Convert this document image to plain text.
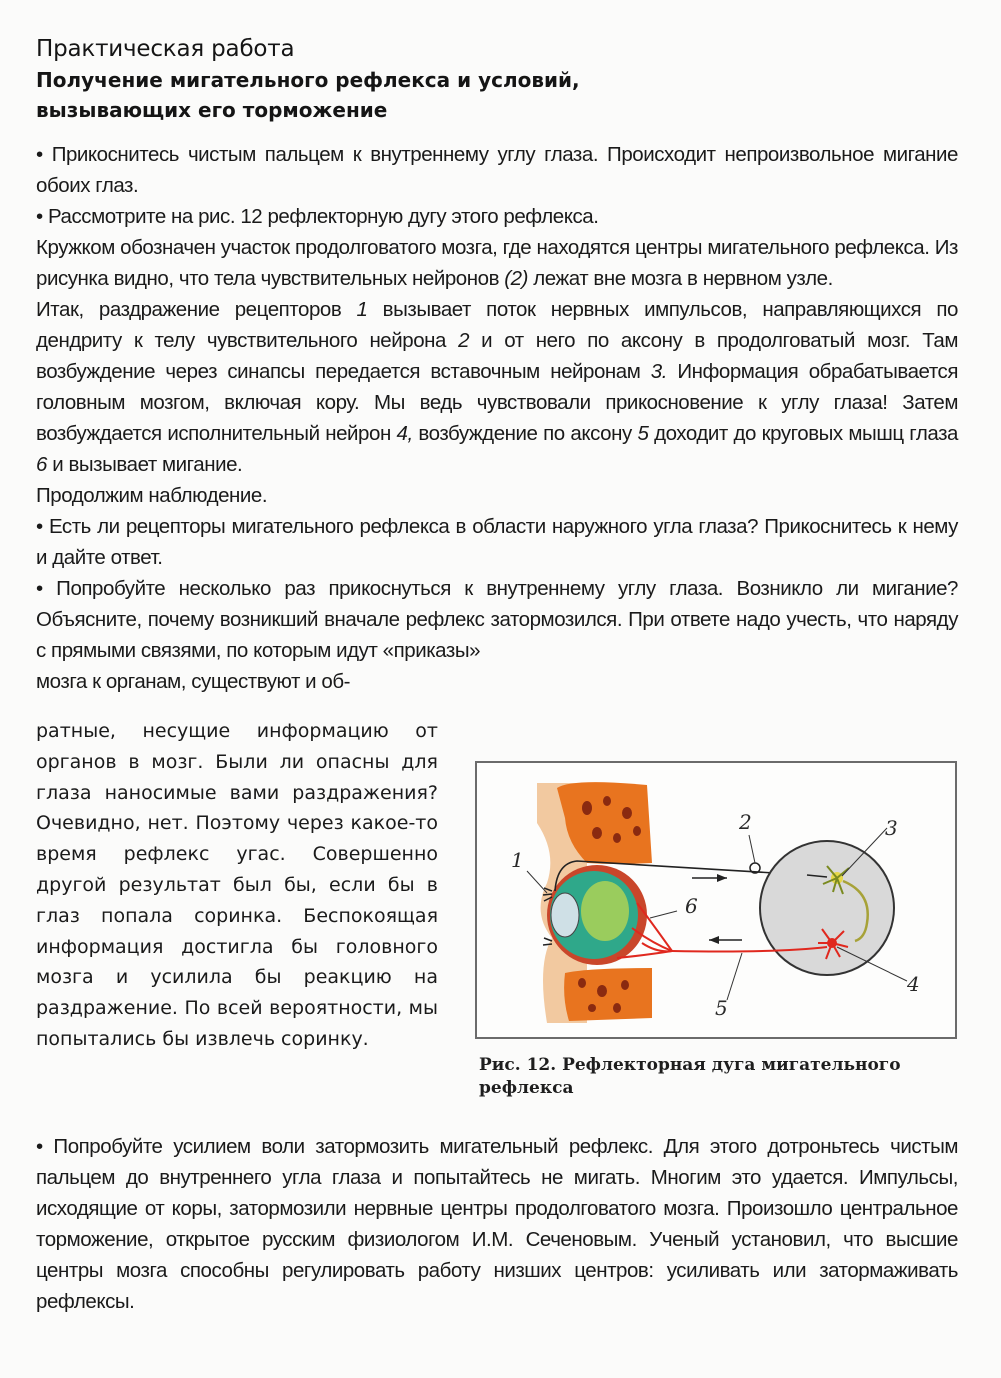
Практическая работа
Получение мигательного рефлекса и условий,
вызывающих его торможение

• Прикоснитесь чистым пальцем к внутреннему углу глаза. Происходит непроизвольное мигание обоих глаз.

• Рассмотрите на рис. 12 рефлекторную дугу этого рефлекса.

Кружком обозначен участок продолговатого мозга, где находятся центры мигательного рефлекса. Из рисунка видно, что тела чувствительных нейронов (2) лежат вне мозга в нервном узле.

Итак, раздражение рецепторов 1 вызывает поток нервных импульсов, направляющихся по дендриту к телу чувствительного нейрона 2 и от него по аксону в продолговатый мозг. Там возбуждение через синапсы передается вставочным нейронам 3. Информация обрабатывается головным мозгом, включая кору. Мы ведь чувствовали прикосновение к углу глаза! Затем возбуждается исполнительный нейрон 4, возбуждение по аксону 5 доходит до круговых мышц глаза 6 и вызывает мигание.

Продолжим наблюдение.

• Есть ли рецепторы мигательного рефлекса в области наружного угла глаза? Прикоснитесь к нему и дайте ответ.

• Попробуйте несколько раз прикоснуться к внутреннему углу глаза. Возникло ли мигание? Объясните, почему возникший вначале рефлекс затормозился. При ответе надо учесть, что наряду с прямыми связями, по которым идут «приказы»

мозга к органам, существуют и об-

ратные, несущие информацию от органов в мозг. Были ли опасны для глаза наносимые вами раздражения? Очевидно, нет. Поэтому через какое-то время рефлекс угас. Совершенно другой результат был бы, если бы в глаз попала соринка. Беспокоящая информация достигла бы головного мозга и усилила бы реакцию на раздражение. По всей вероятности, мы попытались бы извлечь соринку.

1
2	3
4
5
6
Рис. 12. Рефлекторная дуга мигательного рефлекса

• Попробуйте усилием воли затормозить мигательный рефлекс. Для этого дотроньтесь чистым пальцем до внутреннего угла глаза и попытайтесь не мигать. Многим это удается. Импульсы, исходящие от коры, затормозили нервные центры продолговатого мозга. Произошло центральное торможение, открытое русским физиологом И.М. Сеченовым. Ученый установил, что высшие центры мозга способны регулировать работу низших центров: усиливать или затормаживать рефлексы.
